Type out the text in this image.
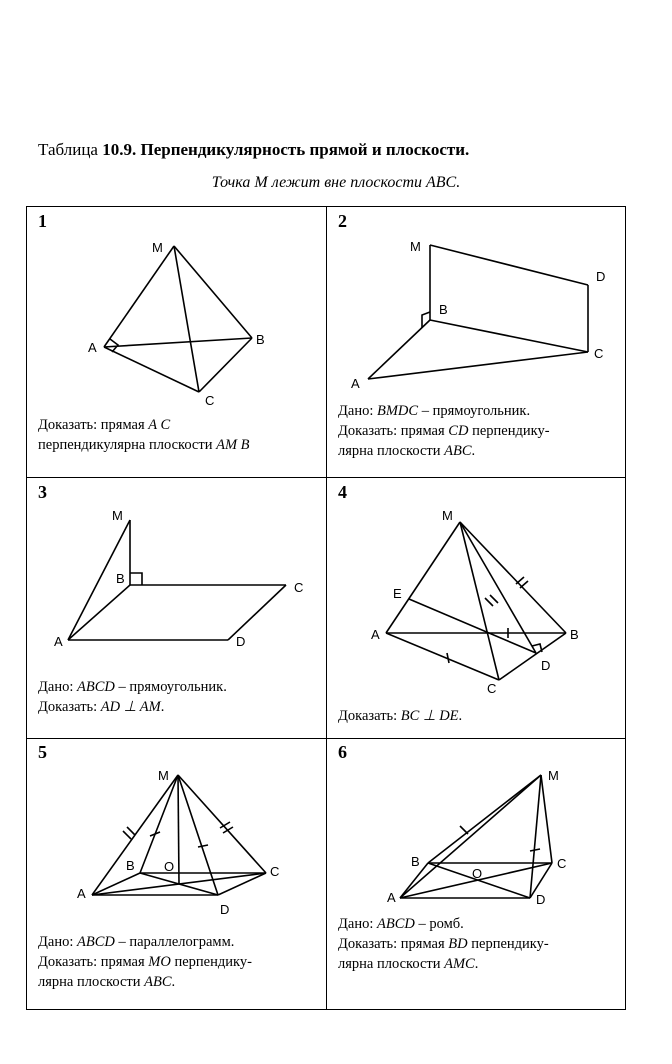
Таблица 10.9. Перпендикулярность прямой и плоскости.
Точка M лежит вне плоскости ABC.
1
M
A
B
C
Доказать: прямая A C
перпендикулярна плоскости AM B
2
M
D
B
C
A
Дано: BMDC – прямоугольник.
Доказать: прямая CD перпендику-
лярна плоскости ABC.
3
M
B
C
A	D
Дано: ABCD – прямоугольник.
Доказать: AD ⊥ AM.
4
M
E
A	B
D
C
Доказать: BC ⊥ DE.
5
M
B O	C
A
D
Дано: ABCD – параллелограмм.
Доказать: прямая MO перпендику-
лярна плоскости ABC.
6
M
B
O
C
A	D
Дано: ABCD – ромб.
Доказать: прямая BD перпендику-
лярна плоскости AMC.
